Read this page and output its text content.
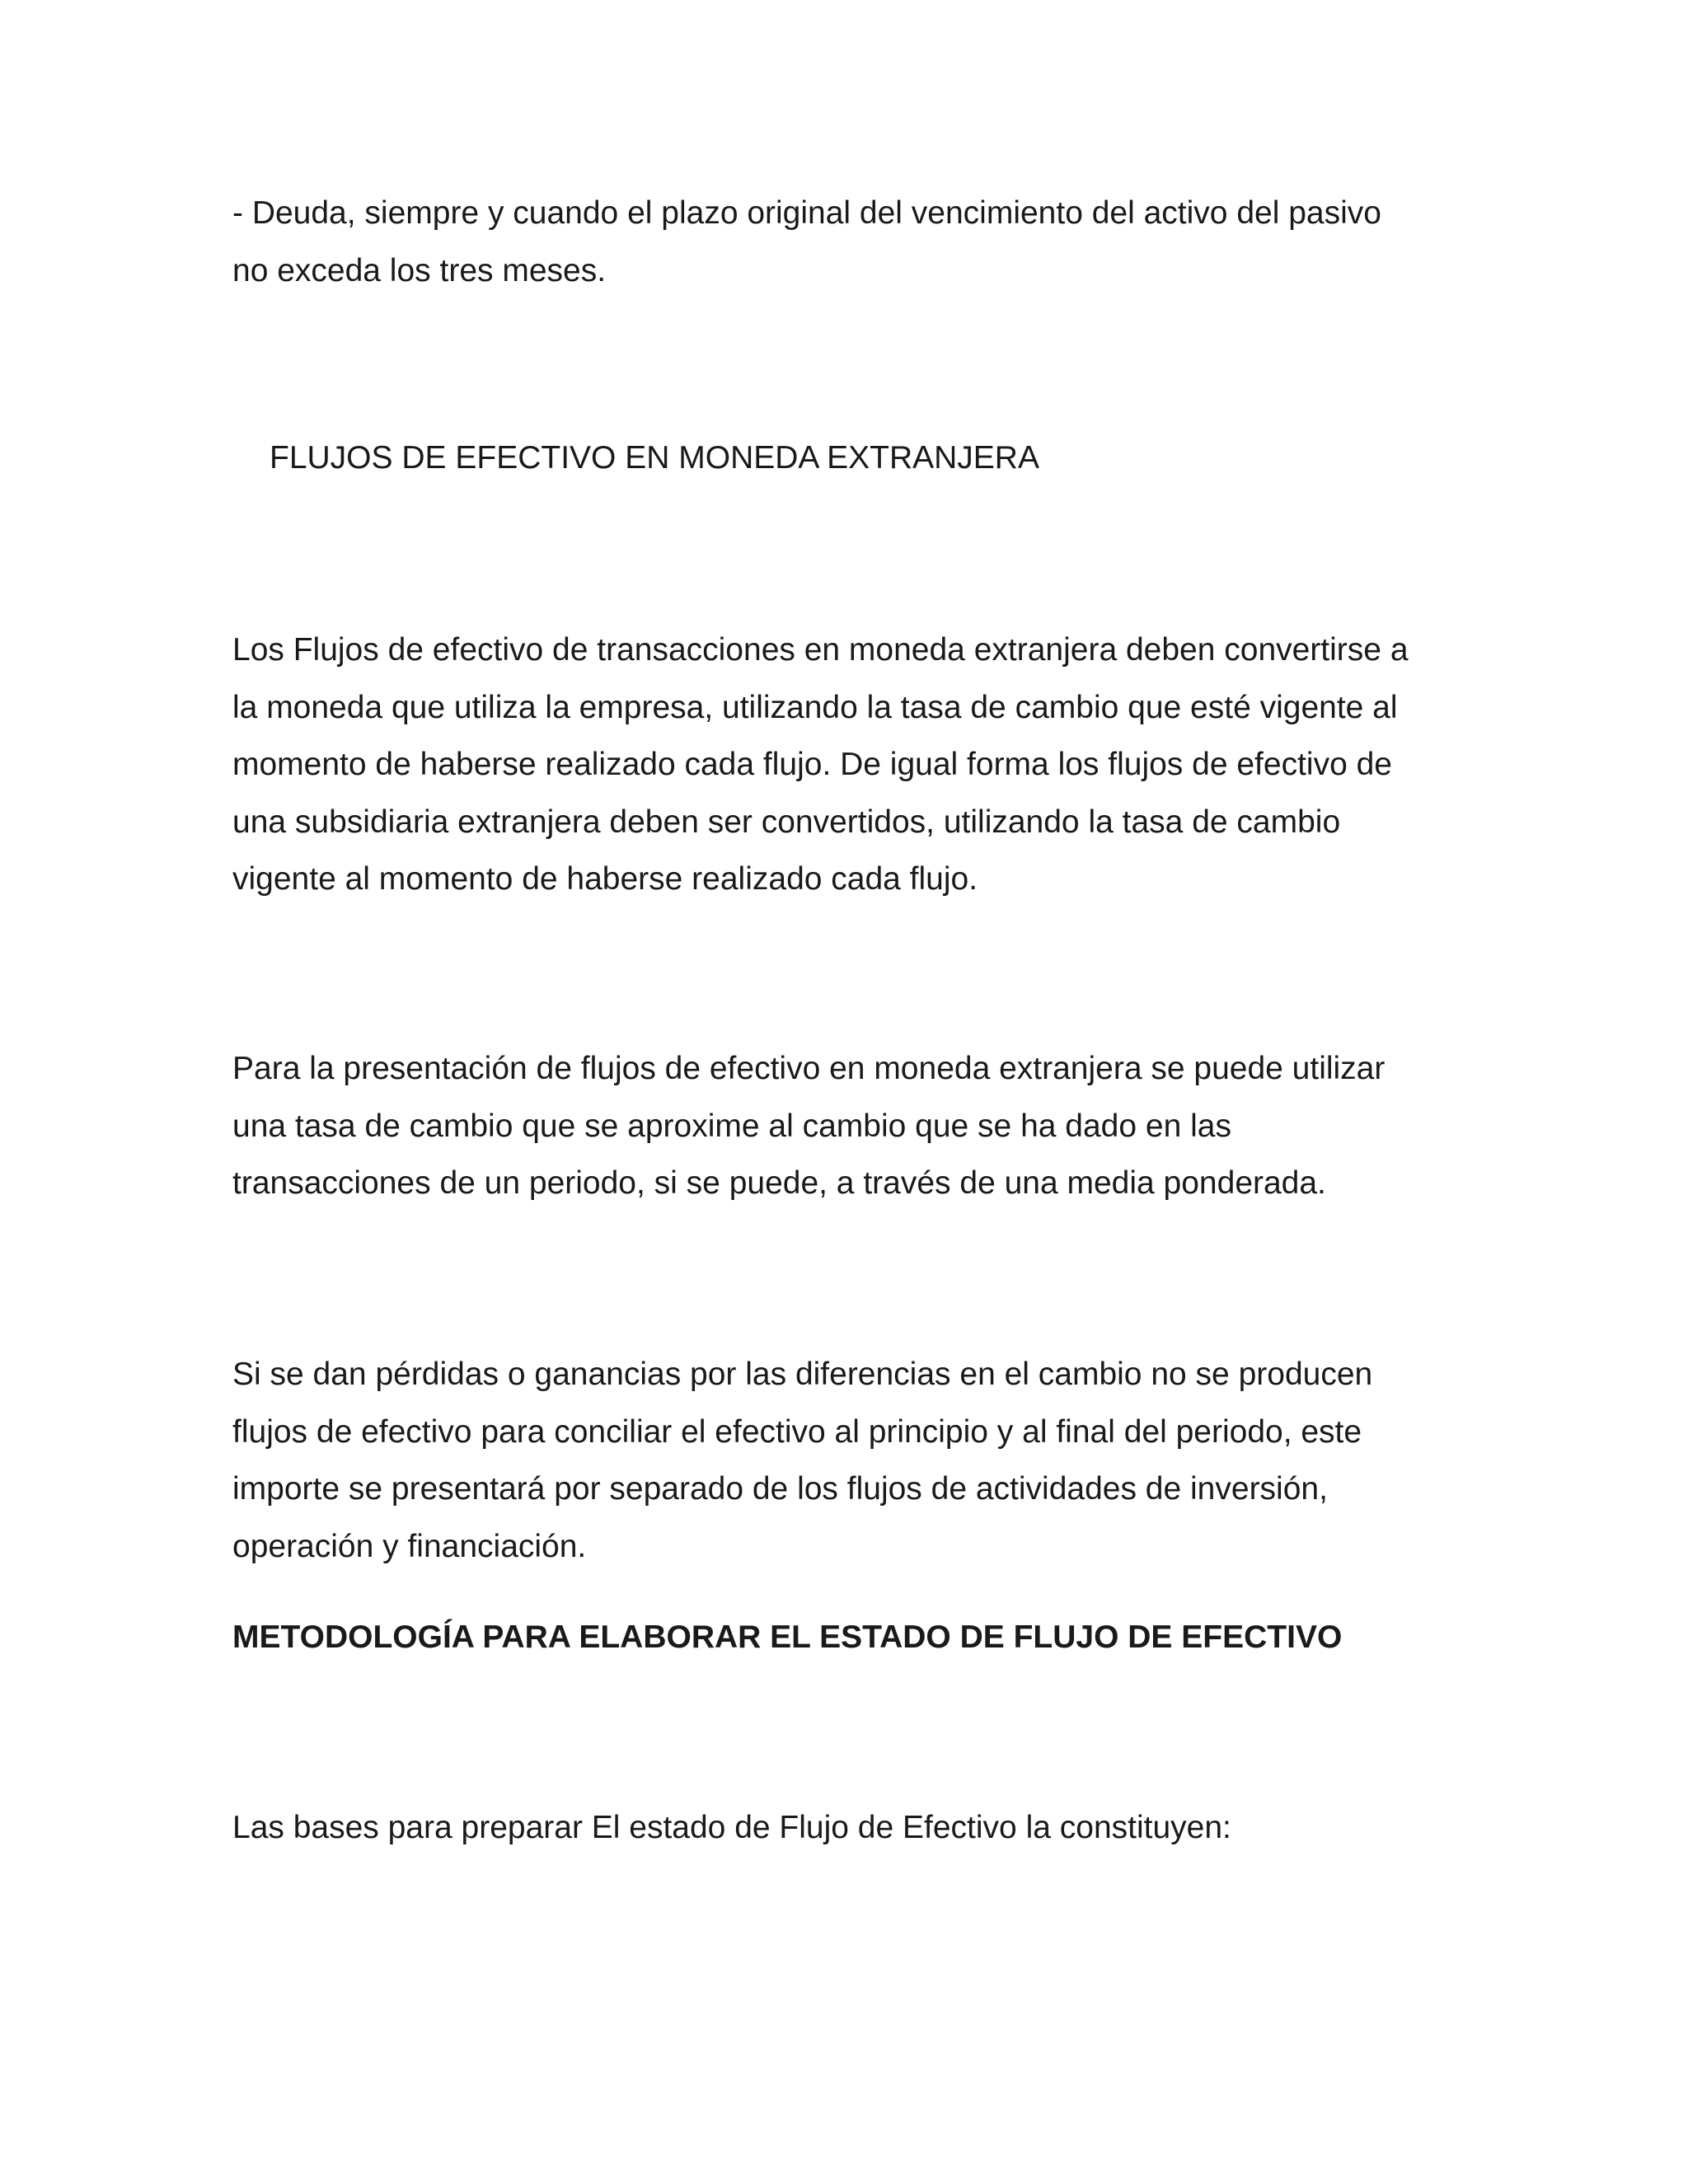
- Deuda, siempre y cuando el plazo original del vencimiento del activo del pasivo
no exceda los tres meses.
FLUJOS DE EFECTIVO EN MONEDA EXTRANJERA
Los Flujos de efectivo de transacciones en moneda extranjera deben convertirse a
la moneda que utiliza la empresa, utilizando la tasa de cambio que esté vigente al
momento de haberse realizado cada flujo. De igual forma los flujos de efectivo de
una subsidiaria extranjera deben ser convertidos, utilizando la tasa de cambio
vigente al momento de haberse realizado cada flujo.
Para la presentación de flujos de efectivo en moneda extranjera se puede utilizar
una tasa de cambio que se aproxime al cambio que se ha dado en las
transacciones de un periodo, si se puede, a través de una media ponderada.
Si se dan pérdidas o ganancias por las diferencias en el cambio no se producen
flujos de efectivo para conciliar el efectivo al principio y al final del periodo, este
importe se presentará por separado de los flujos de actividades de inversión,
operación y financiación.
METODOLOGÍA PARA ELABORAR EL ESTADO DE FLUJO DE EFECTIVO
Las bases para preparar El estado de Flujo de Efectivo la constituyen:
